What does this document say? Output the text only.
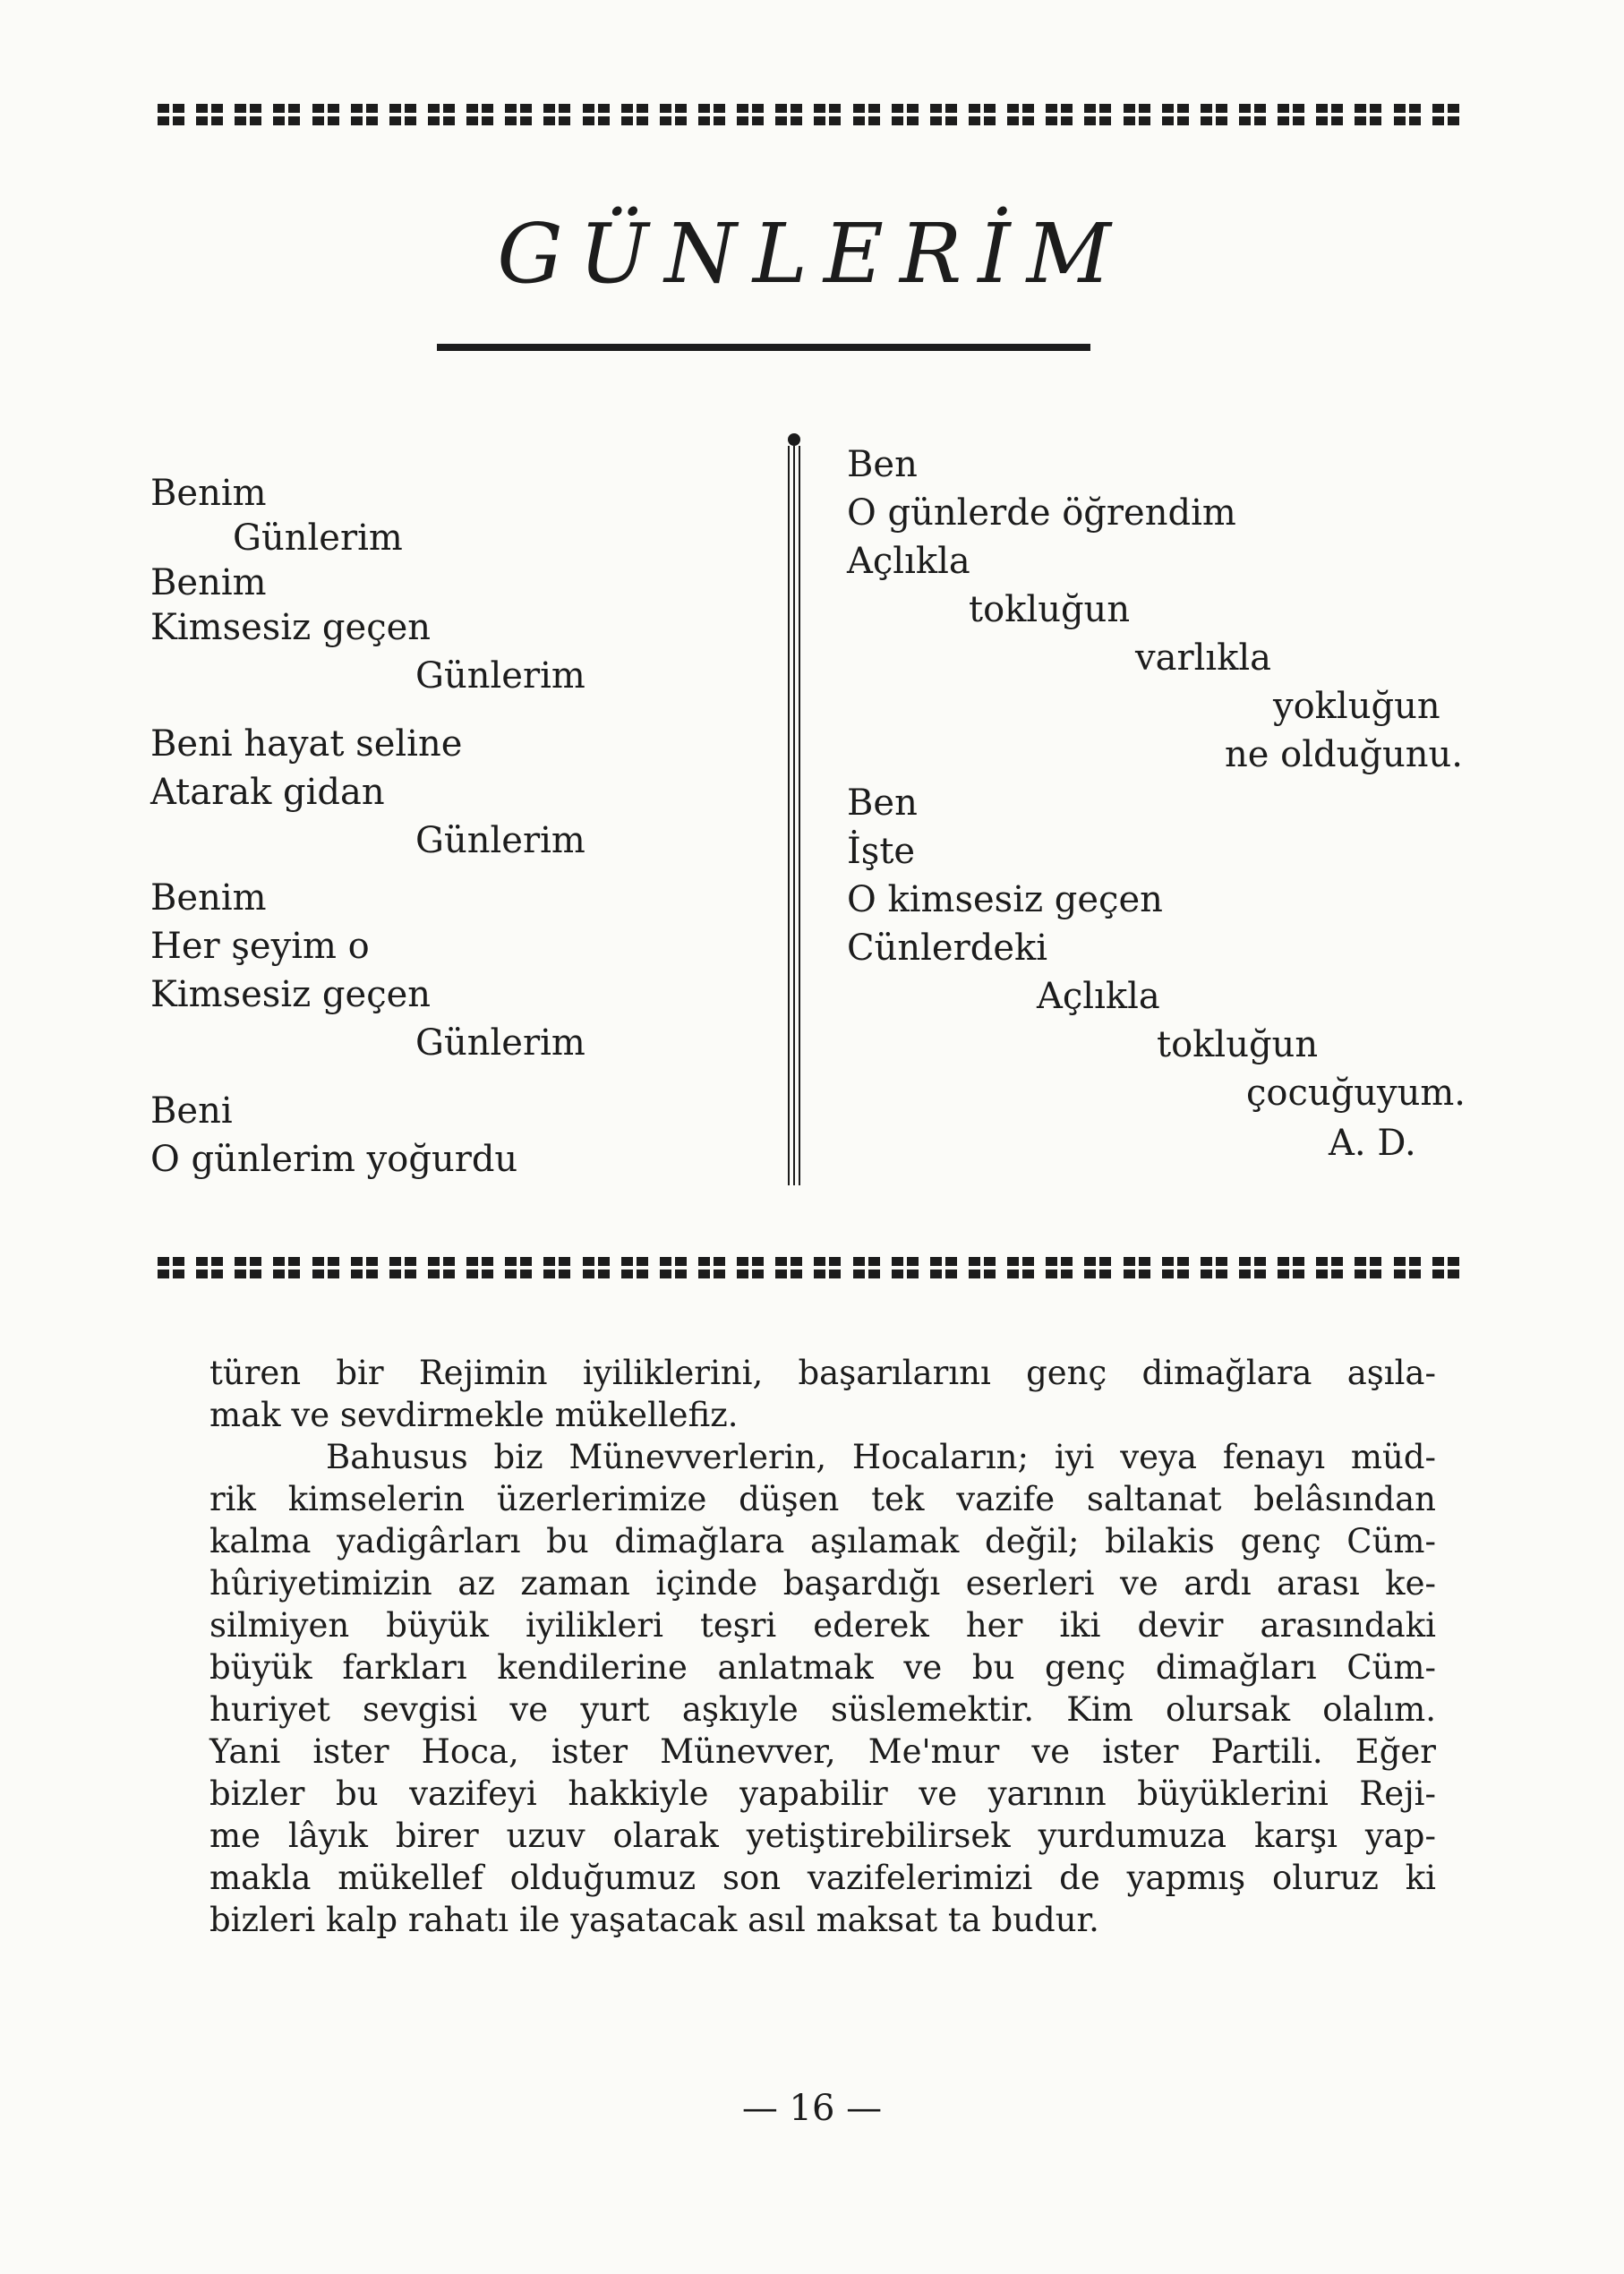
GÜNLERİM
Benim
Günlerim
Benim
Kimsesiz geçen
Günlerim
Beni hayat seline
Atarak gidan
Günlerim
Benim
Her şeyim o
Kimsesiz geçen
Günlerim
Beni
O günlerim yoğurdu
Ben
O günlerde öğrendim
Açlıkla
tokluğun
varlıkla
yokluğun
ne olduğunu.
Ben
İşte
O kimsesiz geçen
Cünlerdeki
Açlıkla
tokluğun
çocuğuyum.
A. D.
türen bir Rejimin iyiliklerini, başarılarını genç dimağlara aşıla-
mak ve sevdirmekle mükellefiz.
Bahusus biz Münevverlerin, Hocaların; iyi veya fenayı müd-
rik kimselerin üzerlerimize düşen tek vazife saltanat belâsından
kalma yadigârları bu dimağlara aşılamak değil; bilakis genç Cüm-
hûriyetimizin az zaman içinde başardığı eserleri ve ardı arası ke-
silmiyen büyük iyilikleri teşri ederek her iki devir arasındaki
büyük farkları kendilerine anlatmak ve bu genç dimağları Cüm-
huriyet sevgisi ve yurt aşkıyle süslemektir. Kim olursak olalım.
Yani ister Hoca, ister Münevver, Me'mur ve ister Partili. Eğer
bizler bu vazifeyi hakkiyle yapabilir ve yarının büyüklerini Reji-
me lâyık birer uzuv olarak yetiştirebilirsek yurdumuza karşı yap-
makla mükellef olduğumuz son vazifelerimizi de yapmış oluruz ki
bizleri kalp rahatı ile yaşatacak asıl maksat ta budur.
— 16 —
